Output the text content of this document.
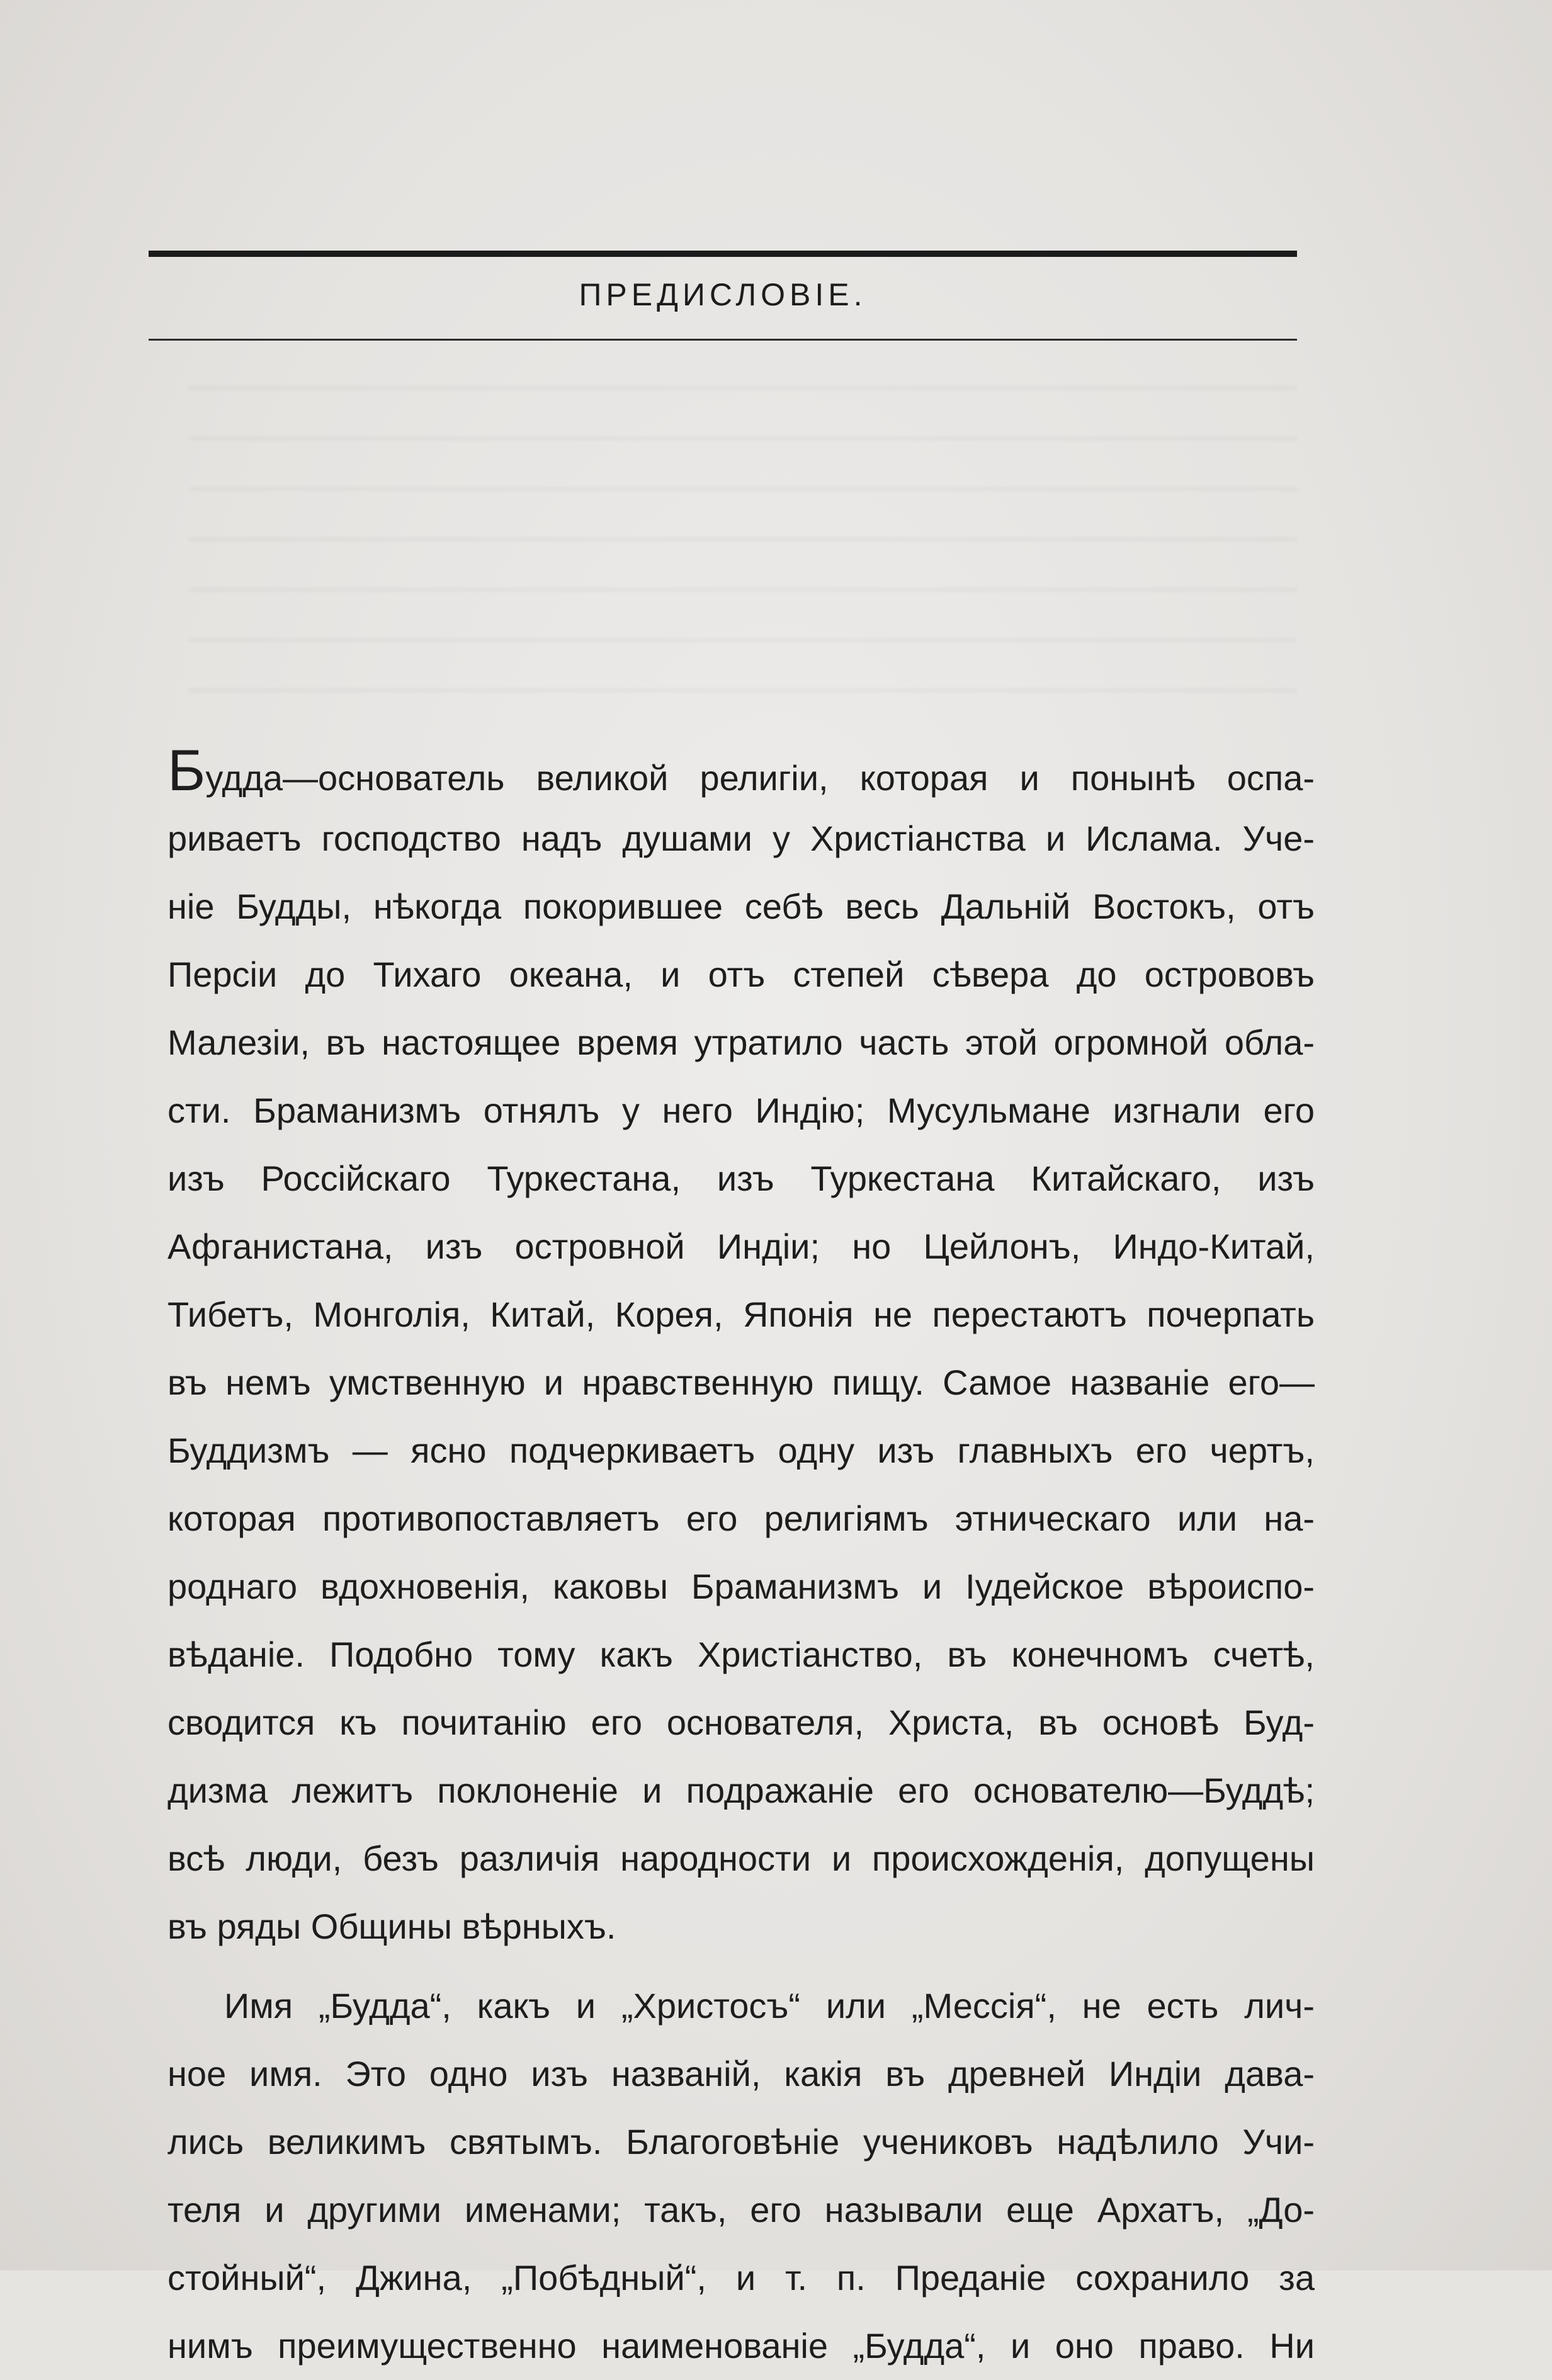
ПРЕДИСЛОВІЕ.

Будда—основатель великой религіи, которая и понынѣ оспа-
риваетъ господство надъ душами у Христіанства и Ислама. Уче-
ніе Будды, нѣкогда покорившее себѣ весь Дальній Востокъ, отъ
Персіи до Тихаго океана, и отъ степей сѣвера до острововъ
Малезіи, въ настоящее время утратило часть этой огромной обла-
сти. Браманизмъ отнялъ у него Индію; Мусульмане изгнали его
изъ Россійскаго Туркестана, изъ Туркестана Китайскаго, изъ
Афганистана, изъ островной Индіи; но Цейлонъ, Индо-Китай,
Тибетъ, Монголія, Китай, Корея, Японія не перестаютъ почерпать
въ немъ умственную и нравственную пищу. Самое названіе его—
Буддизмъ — ясно подчеркиваетъ одну изъ главныхъ его чертъ,
которая противопоставляетъ его религіямъ этническаго или на-
роднаго вдохновенія, каковы Браманизмъ и Іудейское вѣроиспо-
вѣданіе. Подобно тому какъ Христіанство, въ конечномъ счетѣ,
сводится къ почитанію его основателя, Христа, въ основѣ Буд-
дизма лежитъ поклоненіе и подражаніе его основателю—Буддѣ;
всѣ люди, безъ различія народности и происхожденія, допущены
въ ряды Общины вѣрныхъ.

Имя „Будда“, какъ и „Христосъ“ или „Мессія“, не есть лич-
ное имя. Это одно изъ названій, какія въ древней Индіи дава-
лись великимъ святымъ. Благоговѣніе учениковъ надѣлило Учи-
теля и другими именами; такъ, его называли еще Архатъ, „До-
стойный“, Джина, „Побѣдный“, и т. п. Преданіе сохранило за
нимъ преимущественно наименованіе „Будда“, и оно право. Ни
